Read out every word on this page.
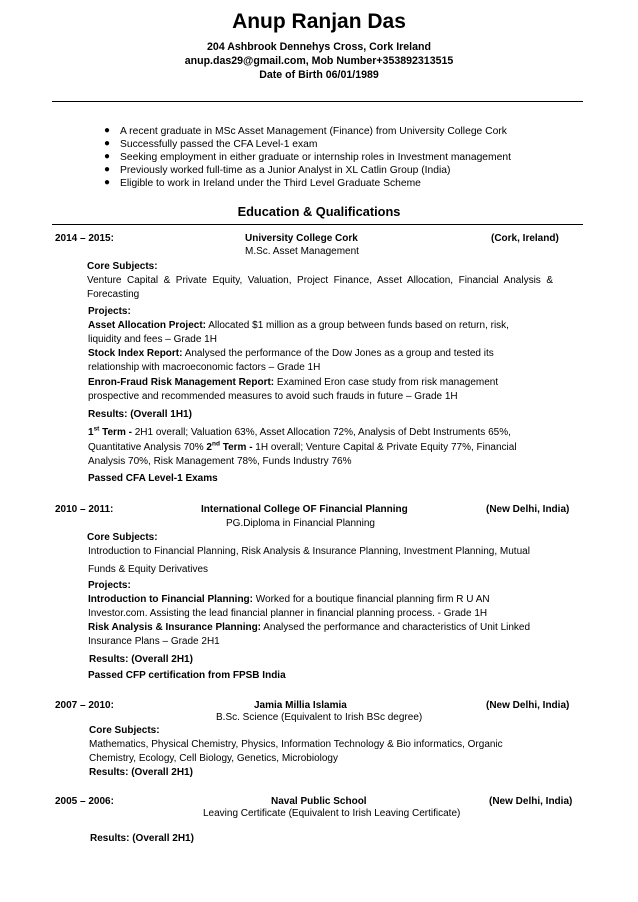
Anup Ranjan Das
204 Ashbrook Dennehys Cross, Cork Ireland
anup.das29@gmail.com, Mob Number+353892313515
Date of Birth 06/01/1989
● A recent graduate in MSc Asset Management (Finance) from University College Cork
● Successfully passed the CFA Level-1 exam
● Seeking employment in either graduate or internship roles in Investment management
● Previously worked full-time as a Junior Analyst in XL Catlin Group (India)
● Eligible to work in Ireland under the Third Level Graduate Scheme
Education & Qualifications
2014 – 2015:	University College Cork	(Cork, Ireland)
M.Sc. Asset Management
Core Subjects:
Venture Capital & Private Equity, Valuation, Project Finance, Asset Allocation, Financial Analysis &
Forecasting
Projects:
Asset Allocation Project: Allocated $1 million as a group between funds based on return, risk,
liquidity and fees – Grade 1H
Stock Index Report: Analysed the performance of the Dow Jones as a group and tested its
relationship with macroeconomic factors – Grade 1H
Enron-Fraud Risk Management Report: Examined Eron case study from risk management
prospective and recommended measures to avoid such frauds in future – Grade 1H
Results: (Overall 1H1)
1st Term - 2H1 overall; Valuation 63%, Asset Allocation 72%, Analysis of Debt Instruments 65%,
Quantitative Analysis 70% 2nd Term - 1H overall; Venture Capital & Private Equity 77%, Financial
Analysis 70%, Risk Management 78%, Funds Industry 76%
Passed CFA Level-1 Exams
2010 – 2011:	International College OF Financial Planning	(New Delhi, India)
PG.Diploma in Financial Planning
Core Subjects:
Introduction to Financial Planning, Risk Analysis & Insurance Planning, Investment Planning, Mutual
Funds & Equity Derivatives
Projects:
Introduction to Financial Planning: Worked for a boutique financial planning firm R U AN
Investor.com. Assisting the lead financial planner in financial planning process. - Grade 1H
Risk Analysis & Insurance Planning: Analysed the performance and characteristics of Unit Linked
Insurance Plans – Grade 2H1
Results: (Overall 2H1)
Passed CFP certification from FPSB India
2007 – 2010:	Jamia Millia Islamia	(New Delhi, India)
B.Sc. Science (Equivalent to Irish BSc degree)
Core Subjects:
Mathematics, Physical Chemistry, Physics, Information Technology & Bio informatics, Organic
Chemistry, Ecology, Cell Biology, Genetics, Microbiology
Results: (Overall 2H1)
2005 – 2006:	Naval Public School	(New Delhi, India)
Leaving Certificate (Equivalent to Irish Leaving Certificate)
Results: (Overall 2H1)
